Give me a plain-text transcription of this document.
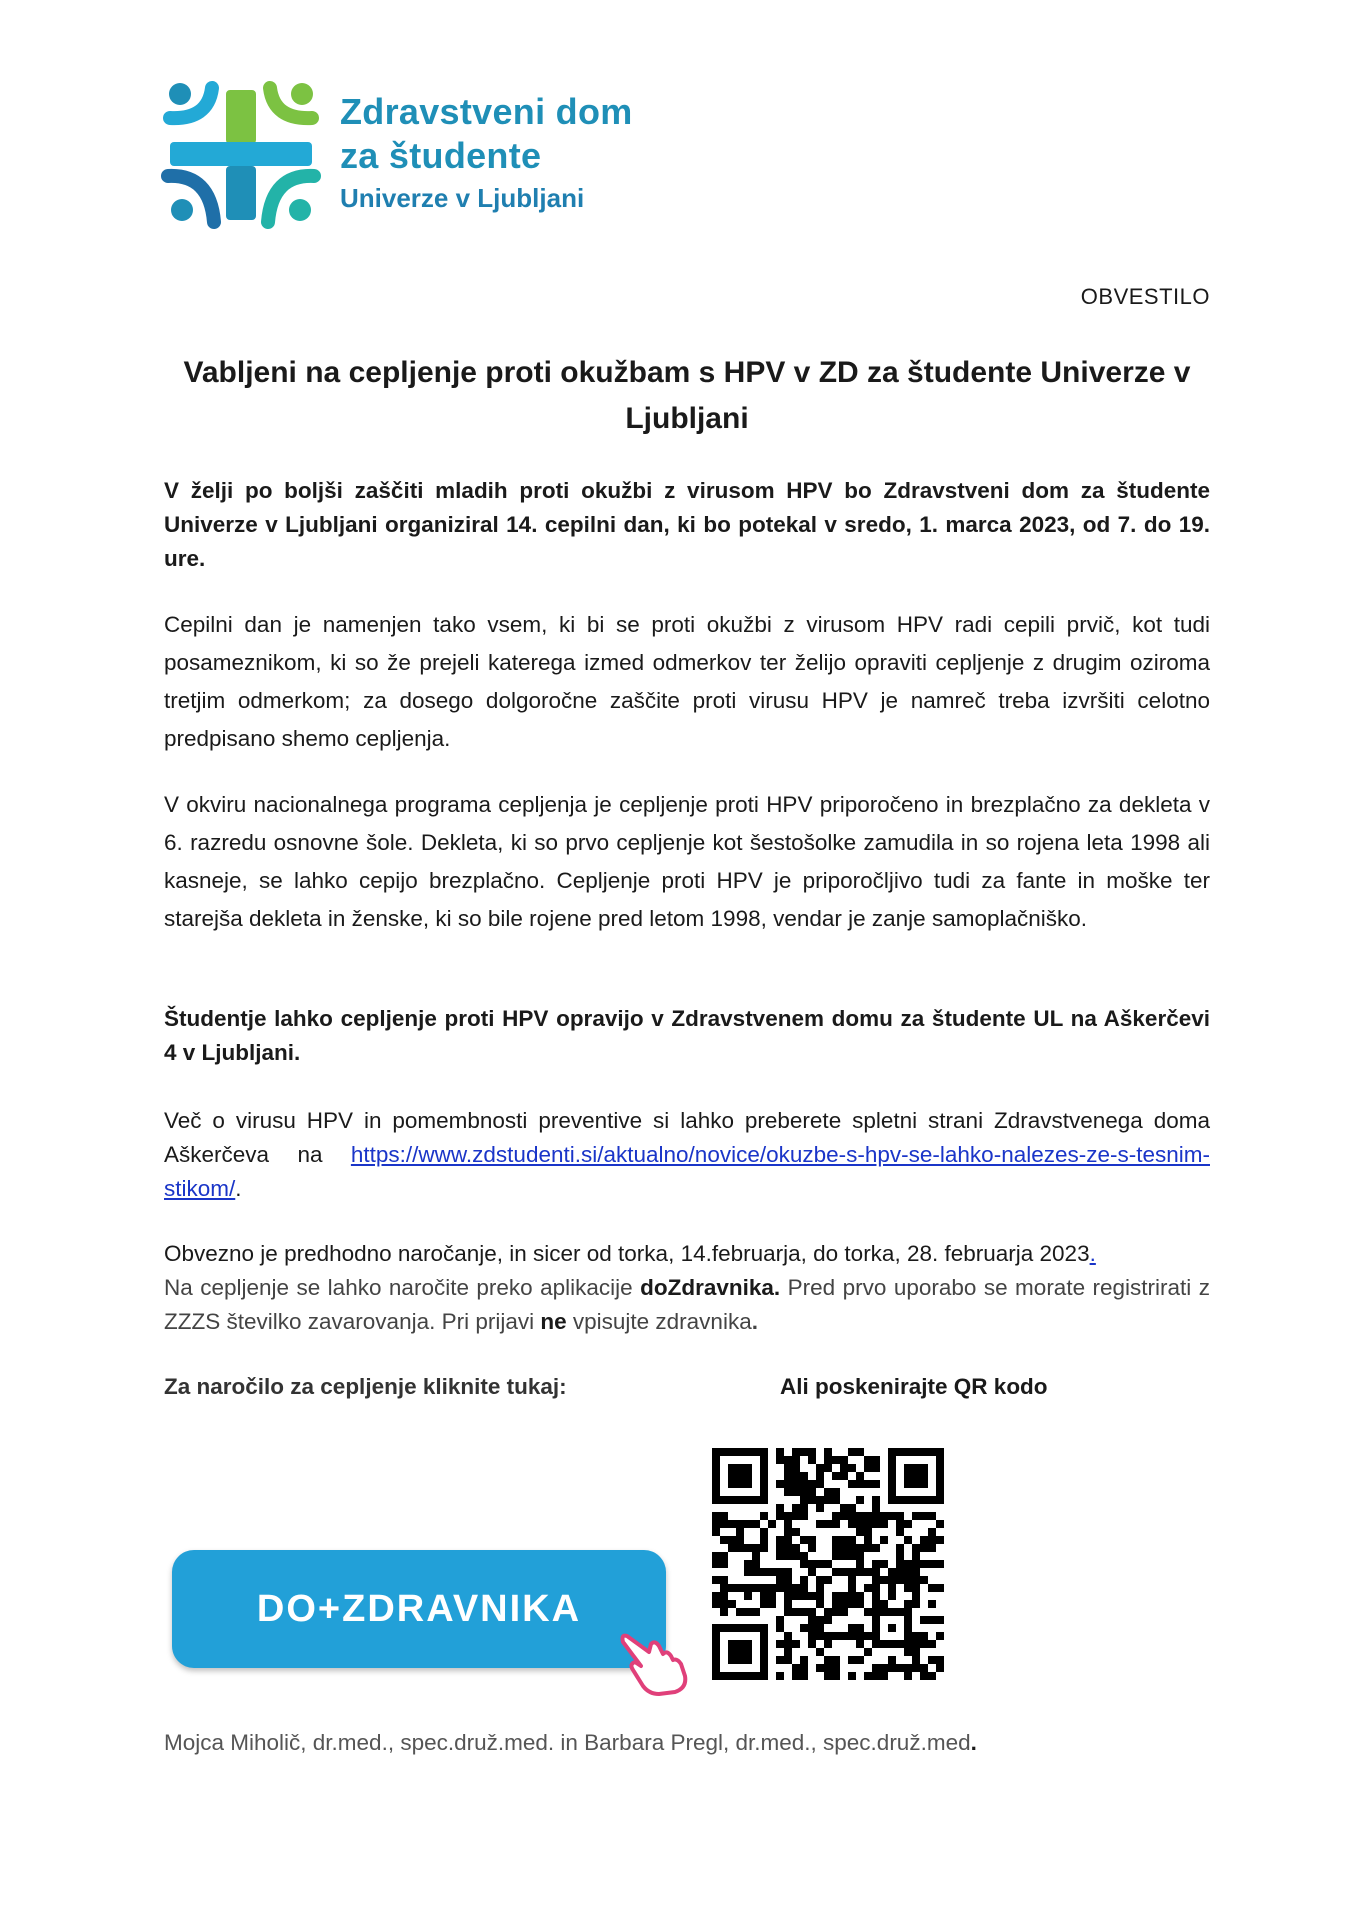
Zdravstveni dom
za študente
Univerze v Ljubljani
OBVESTILO
Vabljeni na cepljenje proti okužbam s HPV v ZD za študente Univerze v Ljubljani
V želji po boljši zaščiti mladih proti okužbi z virusom HPV bo Zdravstveni dom za študente Univerze v Ljubljani organiziral 14. cepilni dan, ki bo potekal v sredo, 1. marca 2023, od 7. do 19. ure.
Cepilni dan je namenjen tako vsem, ki bi se proti okužbi z virusom HPV radi cepili prvič, kot tudi posameznikom, ki so že prejeli katerega izmed odmerkov ter želijo opraviti cepljenje z drugim oziroma tretjim odmerkom; za dosego dolgoročne zaščite proti virusu HPV je namreč treba izvršiti celotno predpisano shemo cepljenja.
V okviru nacionalnega programa cepljenja je cepljenje proti HPV priporočeno in brezplačno za dekleta v 6. razredu osnovne šole. Dekleta, ki so prvo cepljenje kot šestošolke zamudila in so rojena leta 1998 ali kasneje, se lahko cepijo brezplačno. Cepljenje proti HPV je priporočljivo tudi za fante in moške ter starejša dekleta in ženske, ki so bile rojene pred letom 1998, vendar je zanje samoplačniško.
Študentje lahko cepljenje proti HPV opravijo v Zdravstvenem domu za študente UL na Aškerčevi 4 v Ljubljani.
Več o virusu HPV in pomembnosti preventive si lahko preberete spletni strani Zdravstvenega doma Aškerčeva na https://www.zdstudenti.si/aktualno/novice/okuzbe-s-hpv-se-lahko-nalezes-ze-s-tesnim-stikom/.
Obvezno je predhodno naročanje, in sicer od torka, 14.februarja, do torka, 28. februarja 2023.
Na cepljenje se lahko naročite preko aplikacije doZdravnika. Pred prvo uporabo se morate registrirati z ZZZS številko zavarovanja. Pri prijavi ne vpisujte zdravnika.
Za naročilo za cepljenje kliknite tukaj:	Ali poskenirajte QR kodo
DO+ZDRAVNIKA
Mojca Miholič, dr.med., spec.druž.med. in Barbara Pregl, dr.med., spec.druž.med.
